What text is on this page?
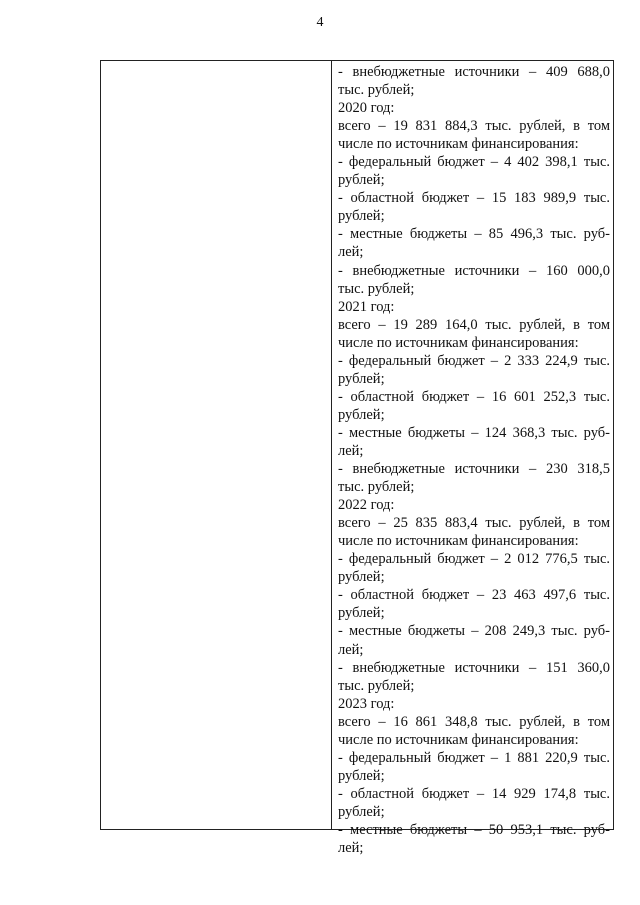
4
- внебюджетные источники – 409 688,0
тыс. рублей;
2020 год:
всего – 19 831 884,3 тыс. рублей, в том
числе по источникам финансирования:
- федеральный бюджет – 4 402 398,1 тыс.
рублей;
- областной бюджет – 15 183 989,9 тыс.
рублей;
- местные бюджеты – 85 496,3 тыс. руб-
лей;
- внебюджетные источники – 160 000,0
тыс. рублей;
2021 год:
всего – 19 289 164,0 тыс. рублей, в том
числе по источникам финансирования:
- федеральный бюджет – 2 333 224,9 тыс.
рублей;
- областной бюджет – 16 601 252,3 тыс.
рублей;
- местные бюджеты – 124 368,3 тыс. руб-
лей;
- внебюджетные источники – 230 318,5
тыс. рублей;
2022 год:
всего – 25 835 883,4 тыс. рублей, в том
числе по источникам финансирования:
- федеральный бюджет – 2 012 776,5 тыс.
рублей;
- областной бюджет – 23 463 497,6 тыс.
рублей;
- местные бюджеты – 208 249,3 тыс. руб-
лей;
- внебюджетные источники – 151 360,0
тыс. рублей;
2023 год:
всего – 16 861 348,8 тыс. рублей, в том
числе по источникам финансирования:
- федеральный бюджет – 1 881 220,9 тыс.
рублей;
- областной бюджет – 14 929 174,8 тыс.
рублей;
- местные бюджеты – 50 953,1 тыс. руб-
лей;
